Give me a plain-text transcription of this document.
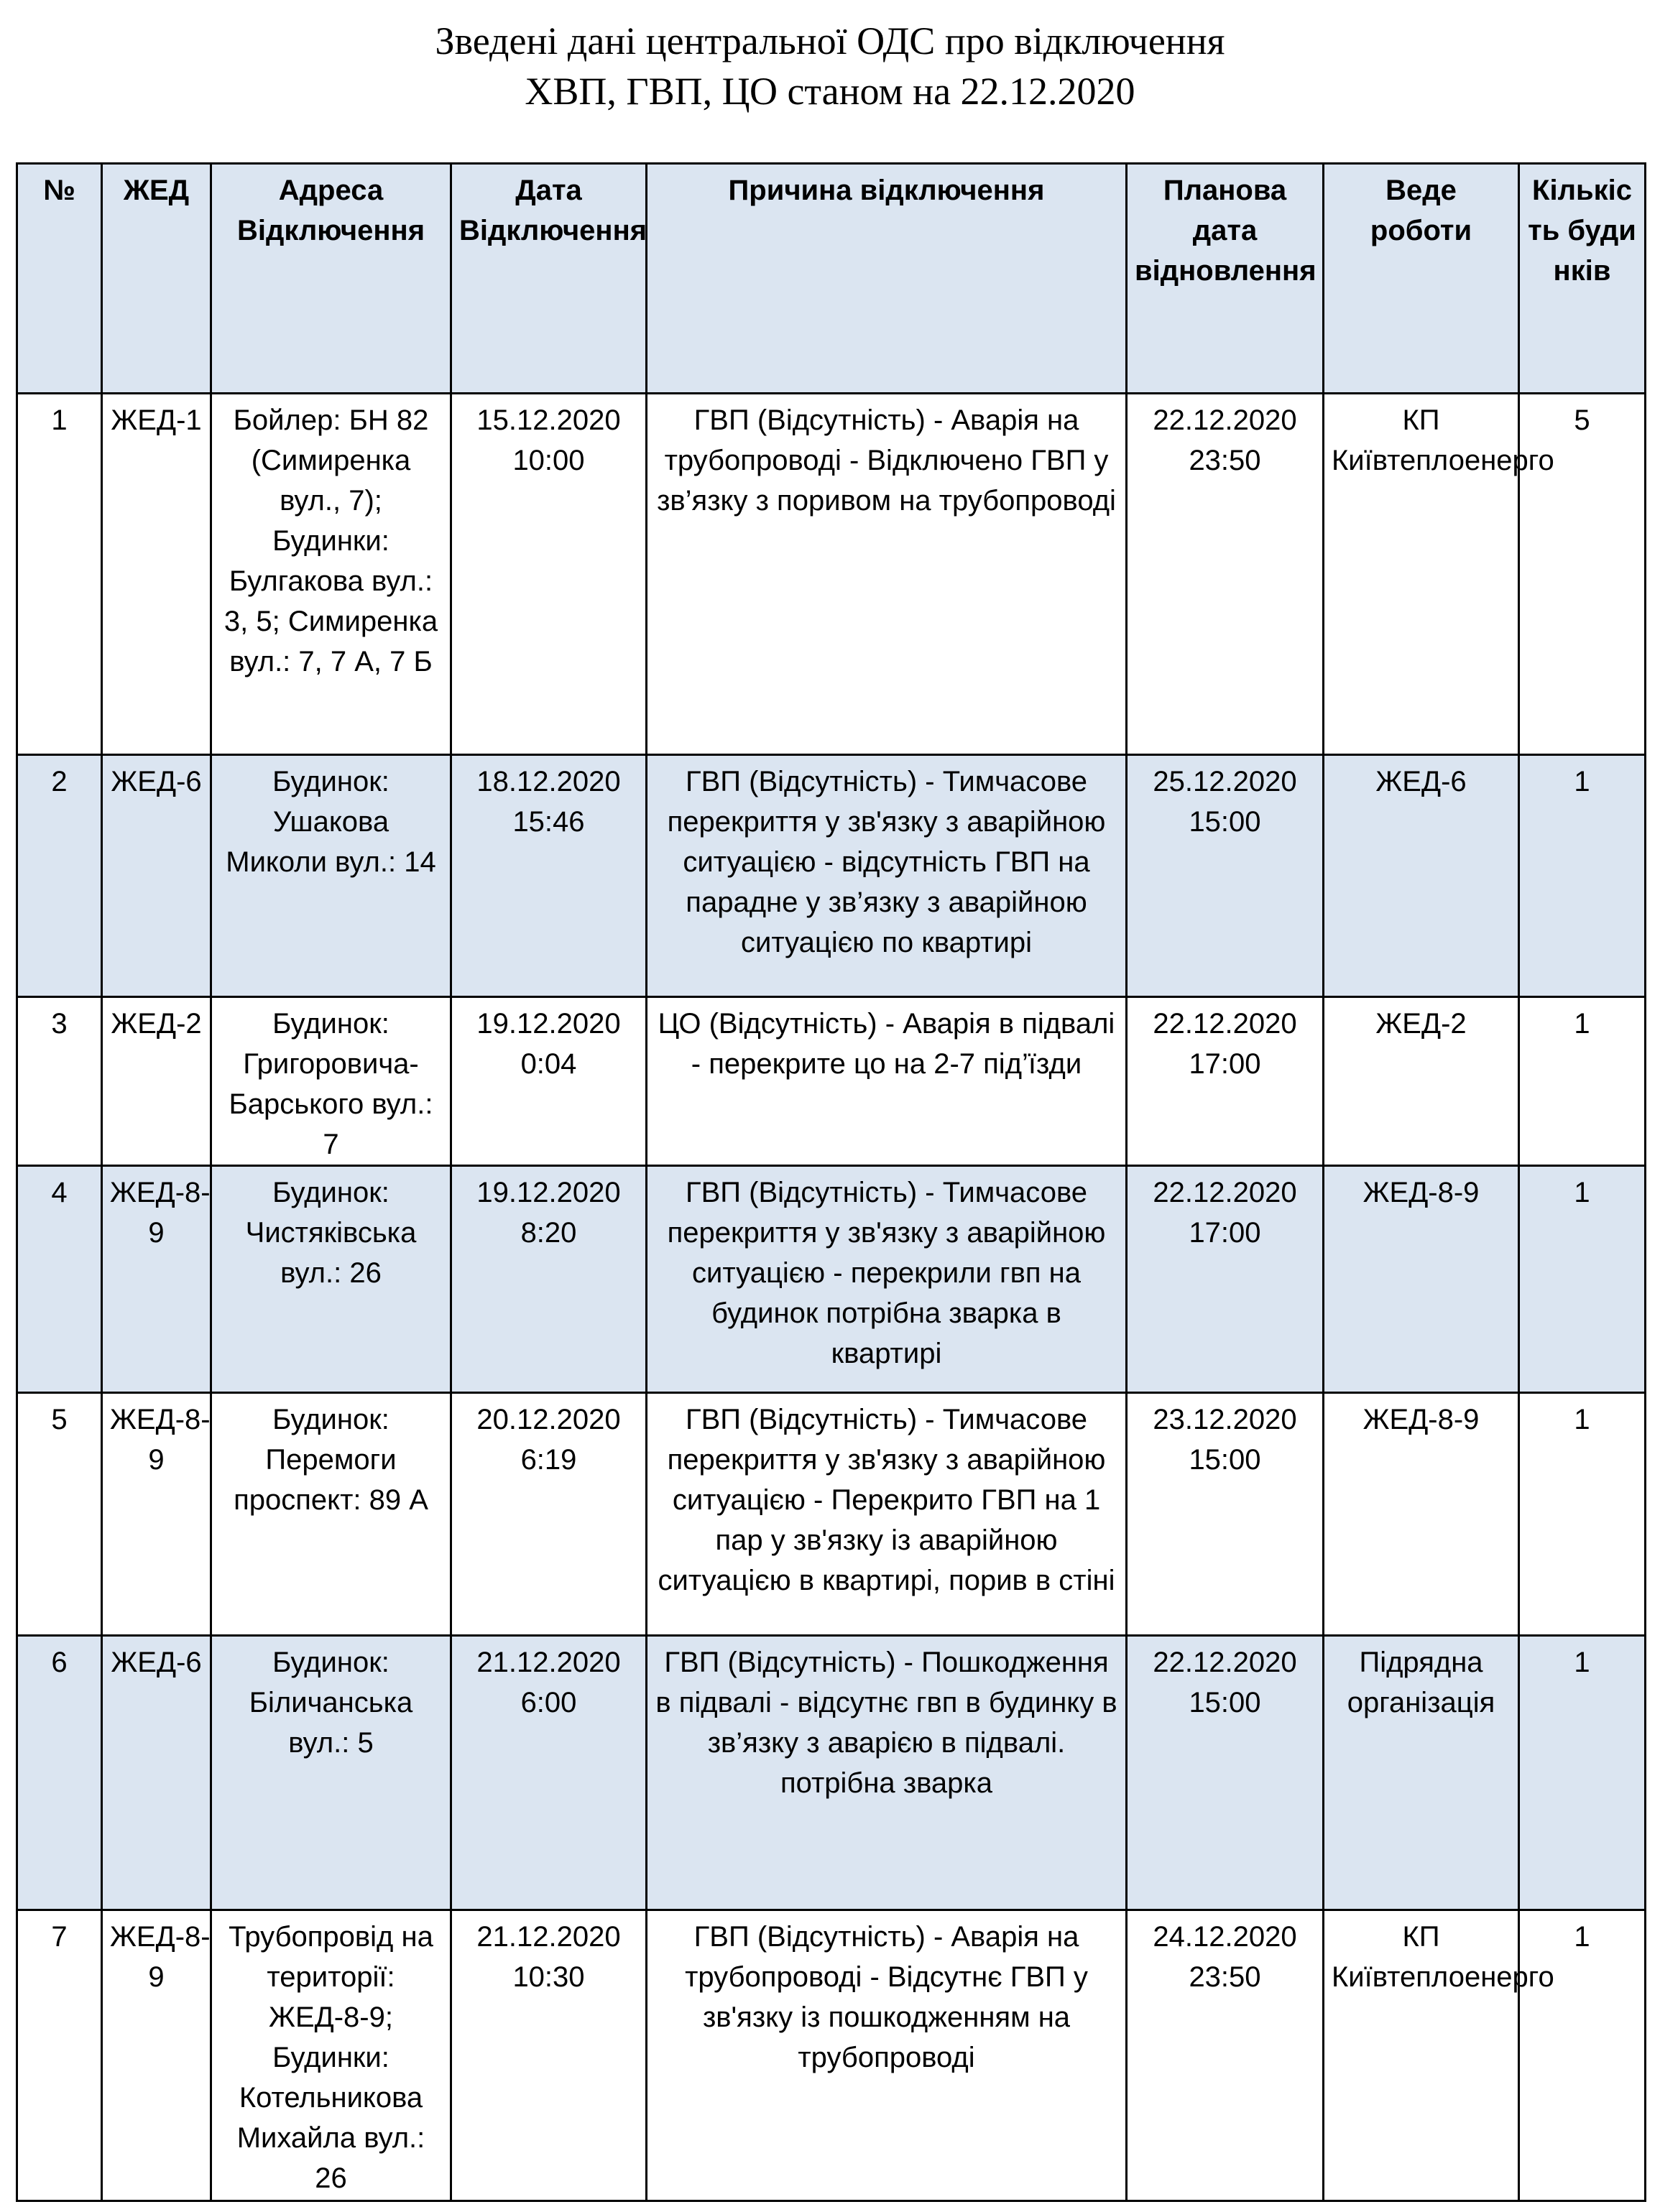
Зведені дані центральної ОДС про відключення
ХВП, ГВП, ЦО станом на 22.12.2020
№	ЖЕД	Адреса Відключення	Дата Відключення	Причина відключення	Планова дата відновлення	Веде роботи	Кількість будинків
1	ЖЕД-1	Бойлер: БН 82 (Симиренка вул., 7); Будинки: Булгакова вул.: 3, 5; Симиренка вул.: 7, 7 А, 7 Б	15.12.2020 10:00	ГВП (Відсутність) - Аварія на трубопроводі - Відключено ГВП у зв’язку з поривом на трубопроводі	22.12.2020 23:50	КП Київтеплоенерго	5
2	ЖЕД-6	Будинок: Ушакова Миколи вул.: 14	18.12.2020 15:46	ГВП (Відсутність) - Тимчасове перекриття у зв'язку з аварійною ситуацією - відсутність ГВП на парадне у зв’язку з аварійною ситуацією по квартирі	25.12.2020 15:00	ЖЕД-6	1
3	ЖЕД-2	Будинок: Григоровича-Барського вул.: 7	19.12.2020 0:04	ЦО (Відсутність) - Аварія в підвалі - перекрите цо на 2-7 під’їзди	22.12.2020 17:00	ЖЕД-2	1
4	ЖЕД-8-9	Будинок: Чистяківська вул.: 26	19.12.2020 8:20	ГВП (Відсутність) - Тимчасове перекриття у зв'язку з аварійною ситуацією - перекрили гвп на будинок потрібна зварка в квартирі	22.12.2020 17:00	ЖЕД-8-9	1
5	ЖЕД-8-9	Будинок: Перемоги проспект: 89 А	20.12.2020 6:19	ГВП (Відсутність) - Тимчасове перекриття у зв'язку з аварійною ситуацією - Перекрито ГВП на 1 пар у зв'язку із аварійною ситуацією в квартирі, порив в стіні	23.12.2020 15:00	ЖЕД-8-9	1
6	ЖЕД-6	Будинок: Біличанська вул.: 5	21.12.2020 6:00	ГВП (Відсутність) - Пошкодження в підвалі - відсутнє гвп в будинку в зв’язку з аварією в підвалі. потрібна зварка	22.12.2020 15:00	Підрядна організація	1
7	ЖЕД-8-9	Трубопровід на території: ЖЕД-8-9; Будинки: Котельникова Михайла вул.: 26	21.12.2020 10:30	ГВП (Відсутність) - Аварія на трубопроводі - Відсутнє ГВП у зв'язку із пошкодженням на трубопроводі	24.12.2020 23:50	КП Київтеплоенерго	1
